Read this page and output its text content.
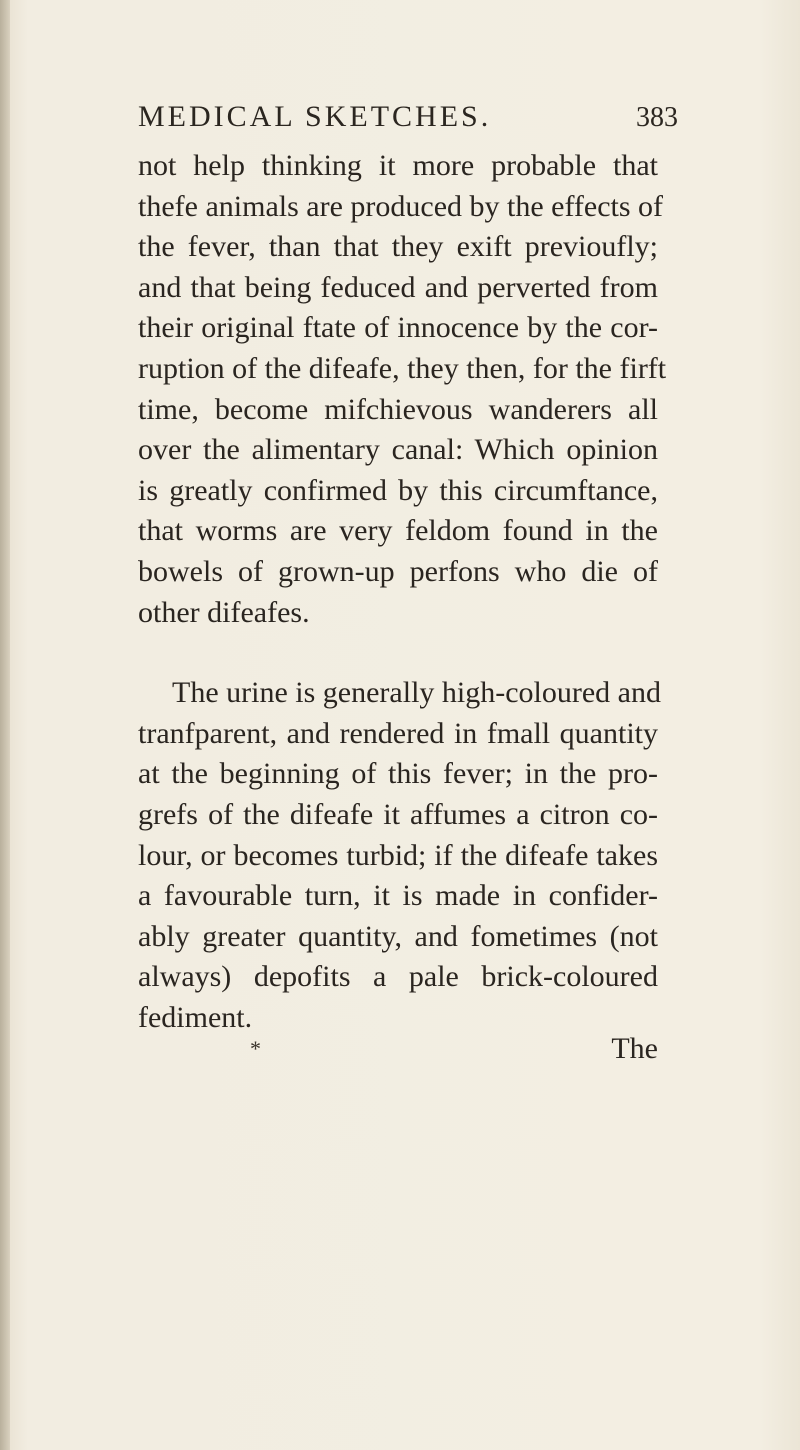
MEDICAL SKETCHES.	383
not help thinking it more probable that
thefe animals are produced by the effects of
the fever, than that they exift previoufly;
and that being feduced and perverted from
their original ftate of innocence by the cor-
ruption of the difeafe, they then, for the firft
time, become mifchievous wanderers all
over the alimentary canal: Which opinion
is greatly confirmed by this circumftance,
that worms are very feldom found in the
bowels of grown-up perfons who die of
other difeafes.
The urine is generally high-coloured and
tranfparent, and rendered in fmall quantity
at the beginning of this fever; in the pro-
grefs of the difeafe it affumes a citron co-
lour, or becomes turbid; if the difeafe takes
a favourable turn, it is made in confider-
ably greater quantity, and fometimes (not
always) depofits a pale brick-coloured
fediment.
*	The
